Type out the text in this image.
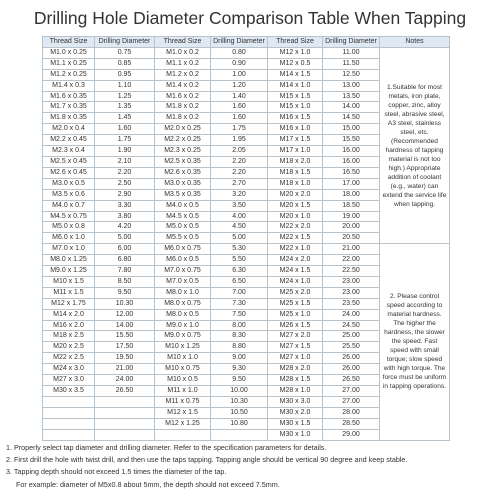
Drilling Hole Diameter Comparison Table When Tapping
Thread Size	Drilling Diameter	Thread Size	Drilling Diameter	Thread Size	Drilling Diameter	Notes
M1.0 x 0.25	0.75	M1.0 x 0.2	0.80	M12 x 1.0	11.00	1.Suitable for most metals, iron plate, copper, zinc, alloy steel, abrasive steel, A3 steel, stainless steel, etc.(Recommended hardness of tapping material is not too high.) Appropriate addition of coolant (e.g., water) can extend the service life when tapping.
M1.1 x 0.25	0.85	M1.1 x 0.2	0.90	M12 x 0.5	11.50	
M1.2 x 0.25	0.95	M1.2 x 0.2	1.00	M14 x 1.5	12.50	
M1.4 x 0.3	1.10	M1.4 x 0.2	1.20	M14 x 1.0	13.00	
M1.6 x 0.35	1.25	M1.6 x 0.2	1.40	M15 x 1.5	13.50	
M1.7 x 0.35	1.35	M1.8 x 0.2	1.60	M15 x 1.0	14.00	
M1.8 x 0.35	1.45	M1.8 x 0.2	1.60	M16 x 1.5	14.50	
M2.0 x 0.4	1.60	M2.0 x 0.25	1.75	M16 x 1.0	15.00	
M2.2 x 0.45	1.75	M2.2 x 0.25	1.95	M17 x 1.5	15.50	
M2.3 x 0.4	1.90	M2.3 x 0.25	2.05	M17 x 1.0	16.00	
M2.5 x 0.45	2.10	M2.5 x 0.35	2.20	M18 x 2.0	16.00	
M2.6 x 0.45	2.20	M2.6 x 0.35	2.20	M18 x 1.5	16.50	
M3.0 x 0.5	2.50	M3.0 x 0.35	2.70	M18 x 1.0	17.00	
M3.5 x 0.6	2.90	M3.5 x 0.35	3.20	M20 x 2.0	18.00	
M4.0 x 0.7	3.30	M4.0 x 0.5	3.50	M20 x 1.5	18.50	
M4.5 x 0.75	3.80	M4.5 x 0.5	4.00	M20 x 1.0	19.00	
M5.0 x 0.8	4.20	M5.0 x 0.5	4.50	M22 x 2.0	20.00	
M6.0 x 1.0	5.00	M5.5 x 0.5	5.00	M22 x 1.5	20.50	
M7.0 x 1.0	6.00	M6.0 x 0.75	5.30	M22 x 1.0	21.00	2. Please control speed according to material hardness. The higher the hardness, the slower the speed. Fast speed with small torque; slow speed with high torque. The force must be uniform in tapping operations.
M8.0 x 1.25	6.80	M6.0 x 0.5	5.50	M24 x 2.0	22.00	
M9.0 x 1.25	7.80	M7.0 x 0.75	6.30	M24 x 1.5	22.50	
M10 x 1.5	8.50	M7.0 x 0.5	6.50	M24 x 1.0	23.00	
M11 x 1.5	9.50	M8.0 x 1.0	7.00	M25 x 2.0	23.00	
M12 x 1.75	10.30	M8.0 x 0.75	7.30	M25 x 1.5	23.50	
M14 x 2.0	12.00	M8.0 x 0.5	7.50	M25 x 1.0	24.00	
M16 x 2.0	14.00	M9.0 x 1.0	8.00	M26 x 1.5	24.50	
M18 x 2.5	15.50	M9.0 x 0.75	8.30	M27 x 2.0	25.00	
M20 x 2.5	17.50	M10 x 1.25	8.80	M27 x 1.5	25.50	
M22 x 2.5	19.50	M10 x 1.0	9.00	M27 x 1.0	26.00	
M24 x 3.0	21.00	M10 x 0.75	9.30	M28 x 2.0	26.00	
M27 x 3.0	24.00	M10 x 0.5	9.50	M28 x 1.5	26.50	
M30 x 3.5	26.50	M11 x 1.0	10.00	M28 x 1.0	27.00	
		M11 x 0.75	10.30	M30 x 3.0	27.00	
		M12 x 1.5	10.50	M30 x 2.0	28.00	
		M12 x 1.25	10.80	M30 x 1.5	28.50	
				M30 x 1.0	29.00	
1. Properly select tap diameter and drilling diameter. Refer to the specification parameters for details.
2. First drill the hole with twist drill, and then use the taps tapping. Tapping angle should be vertical 90 degree and keep stable.
3. Tapping depth should not exceed 1.5 times the diameter of the tap.
For example: diameter of M5x0.8 about 5mm, the depth should not exceed 7.5mm.
